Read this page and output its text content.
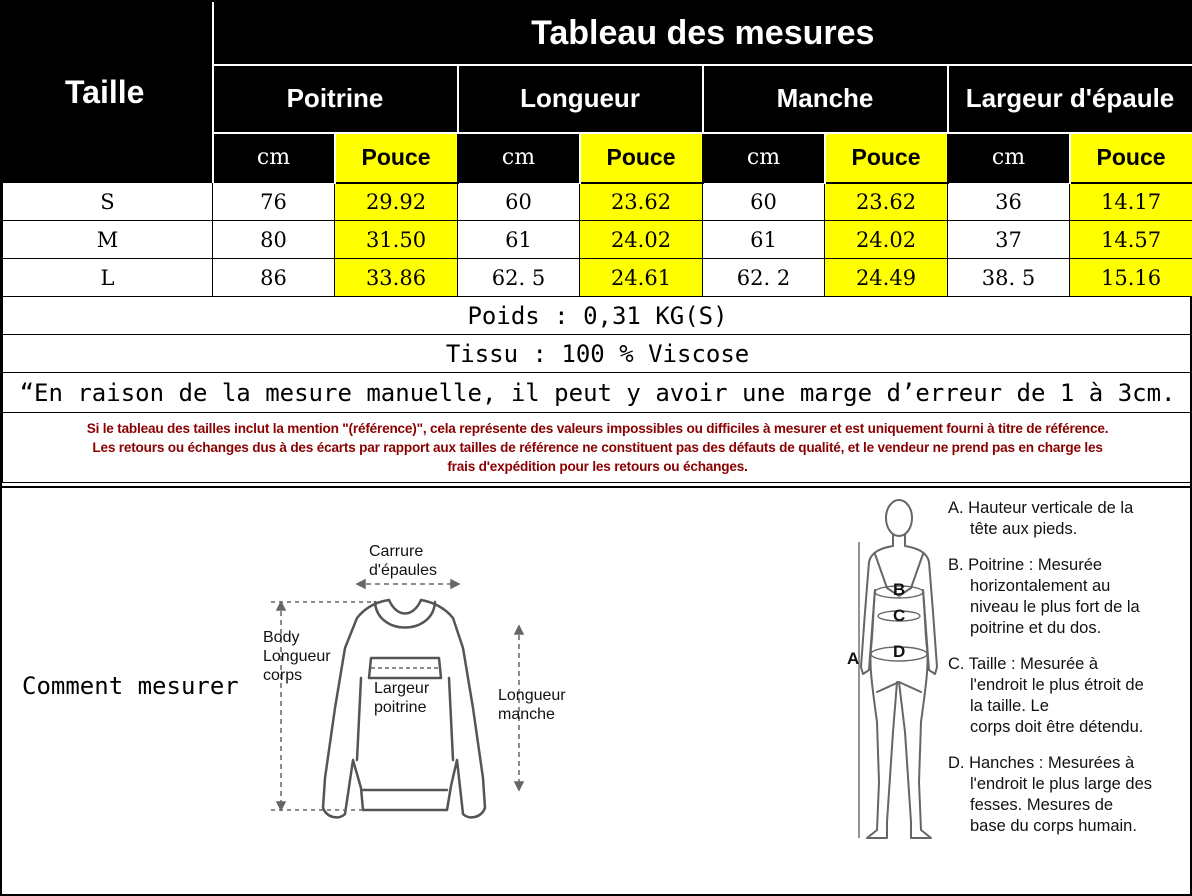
Taille	Tableau des mesures							
	Poitrine		Longueur		Manche		Largeur d'épaule	
	cm	Pouce	cm	Pouce	cm	Pouce	cm	Pouce
S	76	29.92	60	23.62	60	23.62	36	14.17
M	80	31.50	61	24.02	61	24.02	37	14.57
L	86	33.86	62. 5	24.61	62. 2	24.49	38. 5	15.16
Poids : 0,31 KG(S)								
Tissu : 100 % Viscose								
“En raison de la mesure manuelle, il peut y avoir une marge d’erreur de 1 à 3cm.								

Si le tableau des tailles inclut la mention "(référence)", cela représente des valeurs impossibles ou difficiles à mesurer et est uniquement fourni à titre de référence.
Les retours ou échanges dus à des écarts par rapport aux tailles de référence ne constituent pas des défauts de qualité, et le vendeur ne prend pas en charge les
frais d'expédition pour les retours ou échanges.								
Comment mesurer
Carrure
d'épaules
Body
Longueur
corps
Largeur
poitrine
Longueur
manche
A
B
C
D
A. Hauteur verticale de la
tête aux pieds.
B. Poitrine : Mesurée
horizontalement au
niveau le plus fort de la
poitrine et du dos.
C. Taille : Mesurée à
l'endroit le plus étroit de
la taille. Le
corps doit être détendu.
D. Hanches : Mesurées à
l'endroit le plus large des
fesses. Mesures de
base du corps humain.
